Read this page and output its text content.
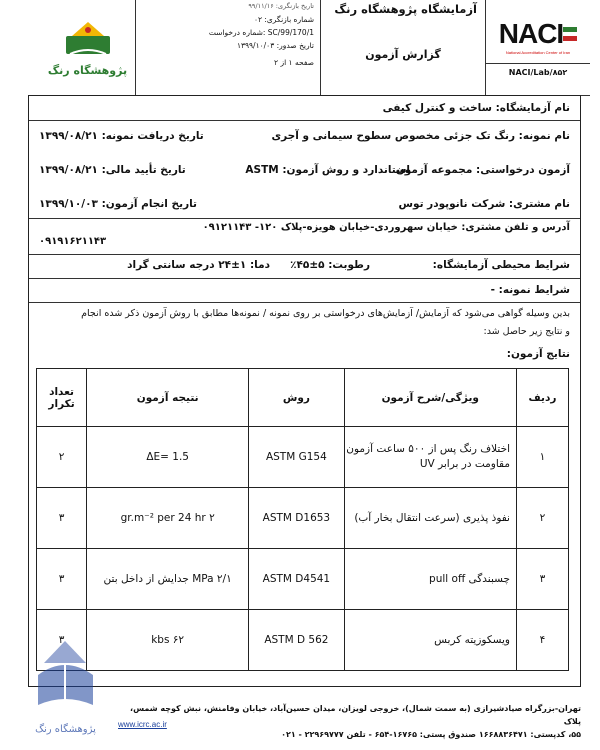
پژوهشگاه رنگ
تاریخ بازنگری: ۹۹/۱۱/۱۶
شماره بازنگری: ۰۲
SC/99/170/1 :شماره درخواست
تاریخ صدور: ۱۳۹۹/۱۰/۰۳
صفحه ۱ از ۲
آزمایشگاه پژوهشگاه رنگ
گزارش آزمون
NACI
National Accreditation Center of Iran
NACI/Lab/۸۵۲
نام آزمایشگاه: ساخت و کنترل کیفی
نام نمونه: رنگ تک جزئی مخصوص سطوح سیمانی و آجری
تاریخ دریافت نمونه: ۱۳۹۹/۰۸/۲۱
آزمون درخواستی: مجموعه آزمون
استاندارد و روش آزمون: ASTM
تاریخ تأیید مالی: ۱۳۹۹/۰۸/۲۱
نام مشتری: شرکت نانوپودر توس
تاریخ انجام آزمون: ۱۳۹۹/۱۰/۰۳
آدرس و تلفن مشتری: خیابان سهروردی-خیابان هویزه-پلاک ۱۲۰- ۰۹۱۲۱۱۴۳
۰۹۱۹۱۶۲۱۱۴۳
شرایط محیطی آزمایشگاه:
رطوبت: ۵±۴۵٪
دما: ۱±۲۴ درجه سانتی گراد
شرایط نمونه: -
بدین وسیله گواهی می‌شود که آزمایش/ آزمایش‌های درخواستی بر روی نمونه / نمونه‌ها مطابق با روش آزمون ذکر شده انجام
و نتایج زیر حاصل شد:
نتایج آزمون:
ردیف	ویژگی/شرح آزمون	روش	نتیجه آزمون	تعداد تکرار
۱	اختلاف رنگ پس از ۵۰۰ ساعت آزمون مقاومت در برابر UV	ASTM G154	ΔE= 1.5	۲
۲	نفوذ پذیری (سرعت انتقال بخار آب)	ASTM D1653	۲ gr.m⁻² per 24 hr	۳
۳	چسبندگی pull off	ASTM D4541	۲/۱ MPa جدایش از داخل بتن	۳
۴	ویسکوزیته کربس	ASTM D 562	۶۲ kbs	۳
پژوهشگاه رنگ
تهران-بزرگراه صیادشیرازی (به سمت شمال)، خروجی لویزان، میدان حسین‌آباد، خیابان وفامنش، نبش کوچه شمس، پلاک
۵۵، کدپستی: ۱۶۶۸۸۳۶۴۷۱ صندوق پستی: ۱۶۷۶۵-۶۵۴ - تلفن ۲۲۹۶۹۷۷۷ - ۰۲۱
www.icrc.ac.ir
